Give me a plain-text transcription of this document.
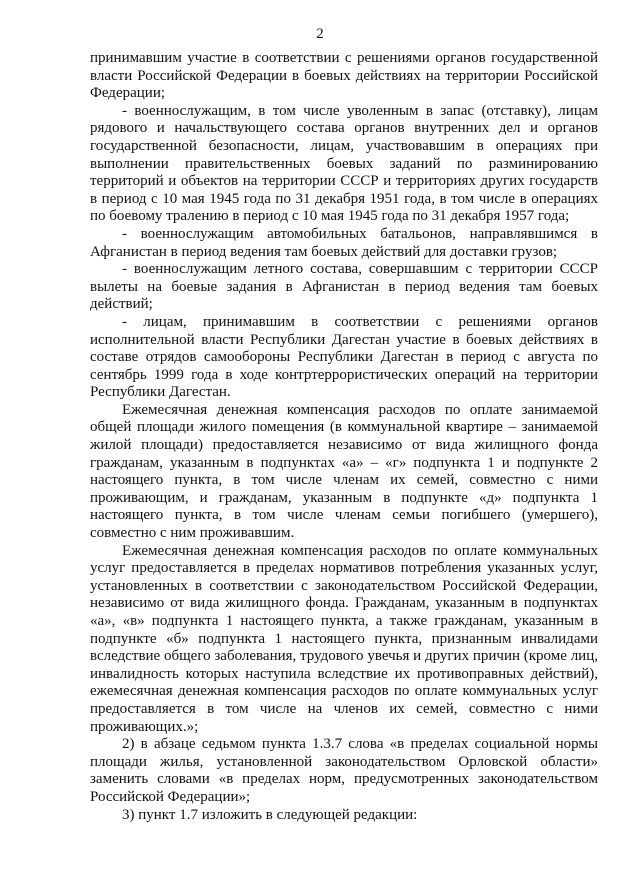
2

принимавшим участие в соответствии с решениями органов государственной власти Российской Федерации в боевых действиях на территории Российской Федерации;

- военнослужащим, в том числе уволенным в запас (отставку), лицам рядового и начальствующего состава органов внутренних дел и органов государственной безопасности, лицам, участвовавшим в операциях при выполнении правительственных боевых заданий по разминированию территорий и объектов на территории СССР и территориях других государств в период с 10 мая 1945 года по 31 декабря 1951 года, в том числе в операциях по боевому тралению в период с 10 мая 1945 года по 31 декабря 1957 года;

- военнослужащим автомобильных батальонов, направлявшимся в Афганистан в период ведения там боевых действий для доставки грузов;

- военнослужащим летного состава, совершавшим с территории СССР вылеты на боевые задания в Афганистан в период ведения там боевых действий;

- лицам, принимавшим в соответствии с решениями органов исполнительной власти Республики Дагестан участие в боевых действиях в составе отрядов самообороны Республики Дагестан в период с августа по сентябрь 1999 года в ходе контртеррористических операций на территории Республики Дагестан.

Ежемесячная денежная компенсация расходов по оплате занимаемой общей площади жилого помещения (в коммунальной квартире – занимаемой жилой площади) предоставляется независимо от вида жилищного фонда гражданам, указанным в подпунктах «а» – «г» подпункта 1 и подпункте 2 настоящего пункта, в том числе членам их семей, совместно с ними проживающим, и гражданам, указанным в подпункте «д» подпункта 1 настоящего пункта, в том числе членам семьи погибшего (умершего), совместно с ним проживавшим.

Ежемесячная денежная компенсация расходов по оплате коммунальных услуг предоставляется в пределах нормативов потребления указанных услуг, установленных в соответствии с законодательством Российской Федерации, независимо от вида жилищного фонда. Гражданам, указанным в подпунктах «а», «в» подпункта 1 настоящего пункта, а также гражданам, указанным в подпункте «б» подпункта 1 настоящего пункта, признанным инвалидами вследствие общего заболевания, трудового увечья и других причин (кроме лиц, инвалидность которых наступила вследствие их противоправных действий), ежемесячная денежная компенсация расходов по оплате коммунальных услуг предоставляется в том числе на членов их семей, совместно с ними проживающих.»;

2) в абзаце седьмом пункта 1.3.7 слова «в пределах социальной нормы площади жилья, установленной законодательством Орловской области» заменить словами «в пределах норм, предусмотренных законодательством Российской Федерации»;

3) пункт 1.7 изложить в следующей редакции:
